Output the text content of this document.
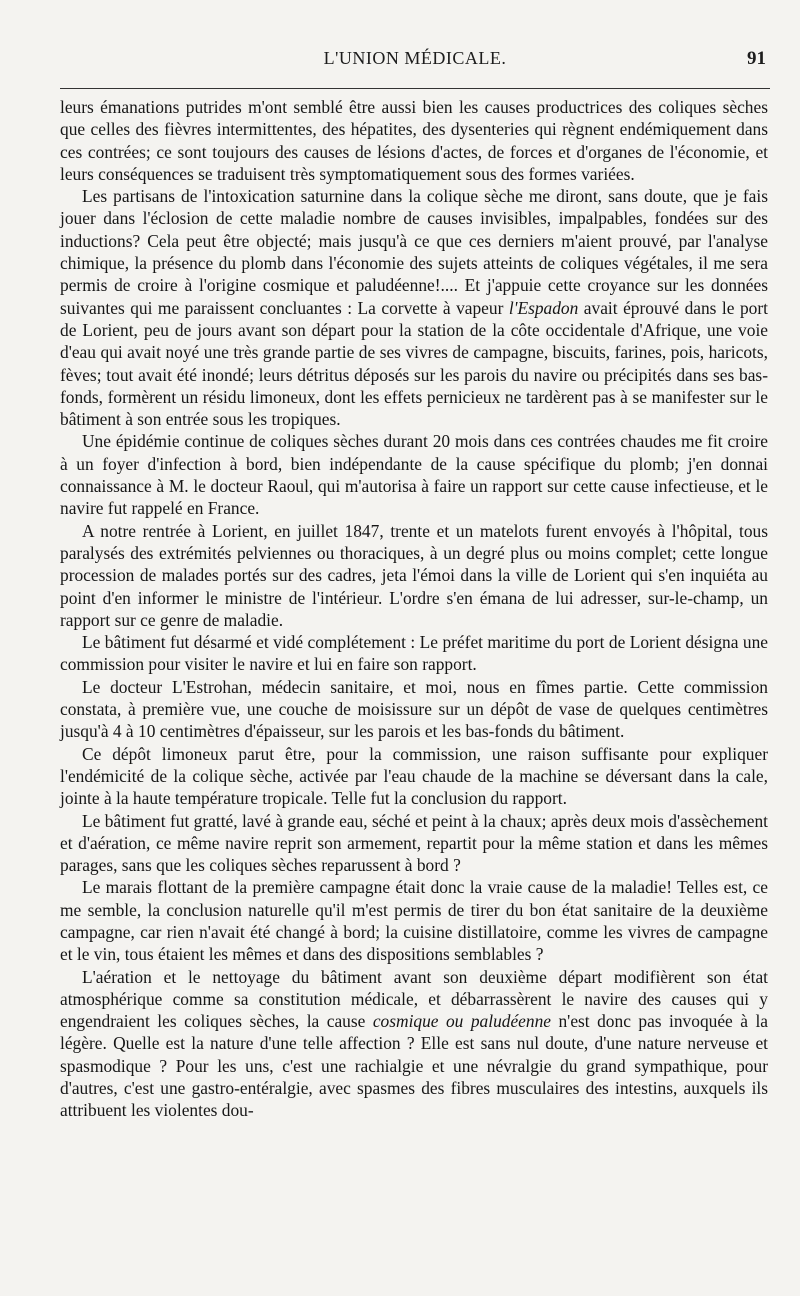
L'UNION MÉDICALE.	91

leurs émanations putrides m'ont semblé être aussi bien les causes productrices des coliques sèches que celles des fièvres intermittentes, des hépatites, des dysenteries qui règnent endémiquement dans ces contrées; ce sont toujours des causes de lésions d'actes, de forces et d'organes de l'économie, et leurs conséquences se traduisent très symptomatiquement sous des formes variées.

Les partisans de l'intoxication saturnine dans la colique sèche me diront, sans doute, que je fais jouer dans l'éclosion de cette maladie nombre de causes invisibles, impalpables, fondées sur des inductions? Cela peut être objecté; mais jusqu'à ce que ces derniers m'aient prouvé, par l'analyse chimique, la présence du plomb dans l'économie des sujets atteints de coliques végétales, il me sera permis de croire à l'origine cosmique et paludéenne!.... Et j'appuie cette croyance sur les données suivantes qui me paraissent concluantes : La corvette à vapeur l'Espadon avait éprouvé dans le port de Lorient, peu de jours avant son départ pour la station de la côte occidentale d'Afrique, une voie d'eau qui avait noyé une très grande partie de ses vivres de campagne, biscuits, farines, pois, haricots, fèves; tout avait été inondé; leurs détritus déposés sur les parois du navire ou précipités dans ses bas-fonds, formèrent un résidu limoneux, dont les effets pernicieux ne tardèrent pas à se manifester sur le bâtiment à son entrée sous les tropiques.

Une épidémie continue de coliques sèches durant 20 mois dans ces contrées chaudes me fit croire à un foyer d'infection à bord, bien indépendante de la cause spécifique du plomb; j'en donnai connaissance à M. le docteur Raoul, qui m'autorisa à faire un rapport sur cette cause infectieuse, et le navire fut rappelé en France.

A notre rentrée à Lorient, en juillet 1847, trente et un matelots furent envoyés à l'hôpital, tous paralysés des extrémités pelviennes ou thoraciques, à un degré plus ou moins complet; cette longue procession de malades portés sur des cadres, jeta l'émoi dans la ville de Lorient qui s'en inquiéta au point d'en informer le ministre de l'intérieur. L'ordre s'en émana de lui adresser, sur-le-champ, un rapport sur ce genre de maladie.

Le bâtiment fut désarmé et vidé complétement : Le préfet maritime du port de Lorient désigna une commission pour visiter le navire et lui en faire son rapport.

Le docteur L'Estrohan, médecin sanitaire, et moi, nous en fîmes partie. Cette commission constata, à première vue, une couche de moisissure sur un dépôt de vase de quelques centimètres jusqu'à 4 à 10 centimètres d'épaisseur, sur les parois et les bas-fonds du bâtiment.

Ce dépôt limoneux parut être, pour la commission, une raison suffisante pour expliquer l'endémicité de la colique sèche, activée par l'eau chaude de la machine se déversant dans la cale, jointe à la haute température tropicale. Telle fut la conclusion du rapport.

Le bâtiment fut gratté, lavé à grande eau, séché et peint à la chaux; après deux mois d'assèchement et d'aération, ce même navire reprit son armement, repartit pour la même station et dans les mêmes parages, sans que les coliques sèches reparussent à bord ?

Le marais flottant de la première campagne était donc la vraie cause de la maladie! Telles est, ce me semble, la conclusion naturelle qu'il m'est permis de tirer du bon état sanitaire de la deuxième campagne, car rien n'avait été changé à bord; la cuisine distillatoire, comme les vivres de campagne et le vin, tous étaient les mêmes et dans des dispositions semblables ?

L'aération et le nettoyage du bâtiment avant son deuxième départ modifièrent son état atmosphérique comme sa constitution médicale, et débarrassèrent le navire des causes qui y engendraient les coliques sèches, la cause cosmique ou paludéenne n'est donc pas invoquée à la légère. Quelle est la nature d'une telle affection ? Elle est sans nul doute, d'une nature nerveuse et spasmodique ? Pour les uns, c'est une rachialgie et une névralgie du grand sympathique, pour d'autres, c'est une gastro-entéralgie, avec spasmes des fibres musculaires des intestins, auxquels ils attribuent les violentes dou-
